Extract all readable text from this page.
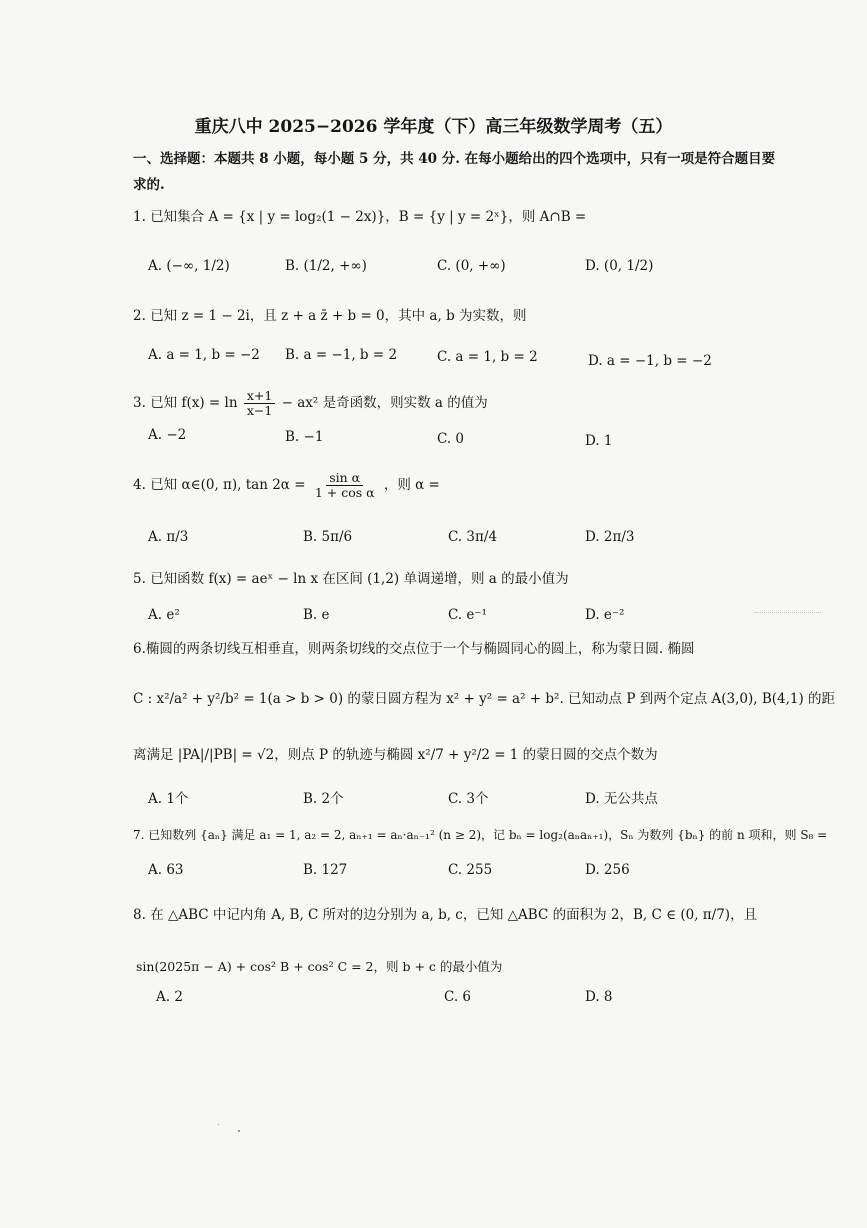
重庆八中 2025−2026 学年度（下）高三年级数学周考（五）
一、选择题：本题共 8 小题，每小题 5 分，共 40 分. 在每小题给出的四个选项中，只有一项是符合题目要
求的.
1. 已知集合 A = {x | y = log₂(1 − 2x)}，B = {y | y = 2ˣ}，则 A∩B =
A. (−∞, 1/2)	B. (1/2, +∞)	C. (0, +∞)	D. (0, 1/2)
2. 已知 z = 1 − 2i，且 z + a z̄ + b = 0，其中 a, b 为实数，则
A. a = 1, b = −2 B. a = −1, b = 2	C. a = 1, b = 2	D. a = −1, b = −2
3. 已知 $f(x) = \ln \frac{x+1}{x-1} - ax^2$ 是奇函数，则实数 a 的值为
A. −2	B. −1	C. 0	D. 1
4. 已知 α∈(0, π), $\tan 2\alpha = \frac{\text{sin α}}{\text{1 + cos α}}$ ，则 α =
A. π/3	B. 5π/6	C. 3π/4	D. 2π/3
5. 已知函数 f(x) = aeˣ − ln x 在区间 (1,2) 单调递增，则 a 的最小值为
A. e²	B. e	C. e⁻¹	D. e⁻²
6.椭圆的两条切线互相垂直，则两条切线的交点位于一个与椭圆同心的圆上，称为蒙日圆. 椭圆
C : x²/a² + y²/b² = 1(a > b > 0) 的蒙日圆方程为 x² + y² = a² + b². 已知动点 P 到两个定点 A(3,0), B(4,1) 的距
离满足 |PA|/|PB| = √2，则点 P 的轨迹与椭圆 x²/7 + y²/2 = 1 的蒙日圆的交点个数为
A. 1个	B. 2个	C. 3个	D. 无公共点
7. 已知数列 {aₙ} 满足 a₁ = 1, a₂ = 2, aₙ₊₁ = aₙ·aₙ₋₁² (n ≥ 2)，记 bₙ = log₂(aₙaₙ₊₁)，Sₙ 为数列 {bₙ} 的前 n 项和，则 S₈ =
A. 63	B. 127	C. 255	D. 256
8. 在 △ABC 中记内角 A, B, C 所对的边分别为 a, b, c，已知 △ABC 的面积为 2，B, C ∈ (0, π/7)，且
sin(2025π − A) + cos² B + cos² C = 2，则 b + c 的最小值为
A. 2	C. 6	D. 8
